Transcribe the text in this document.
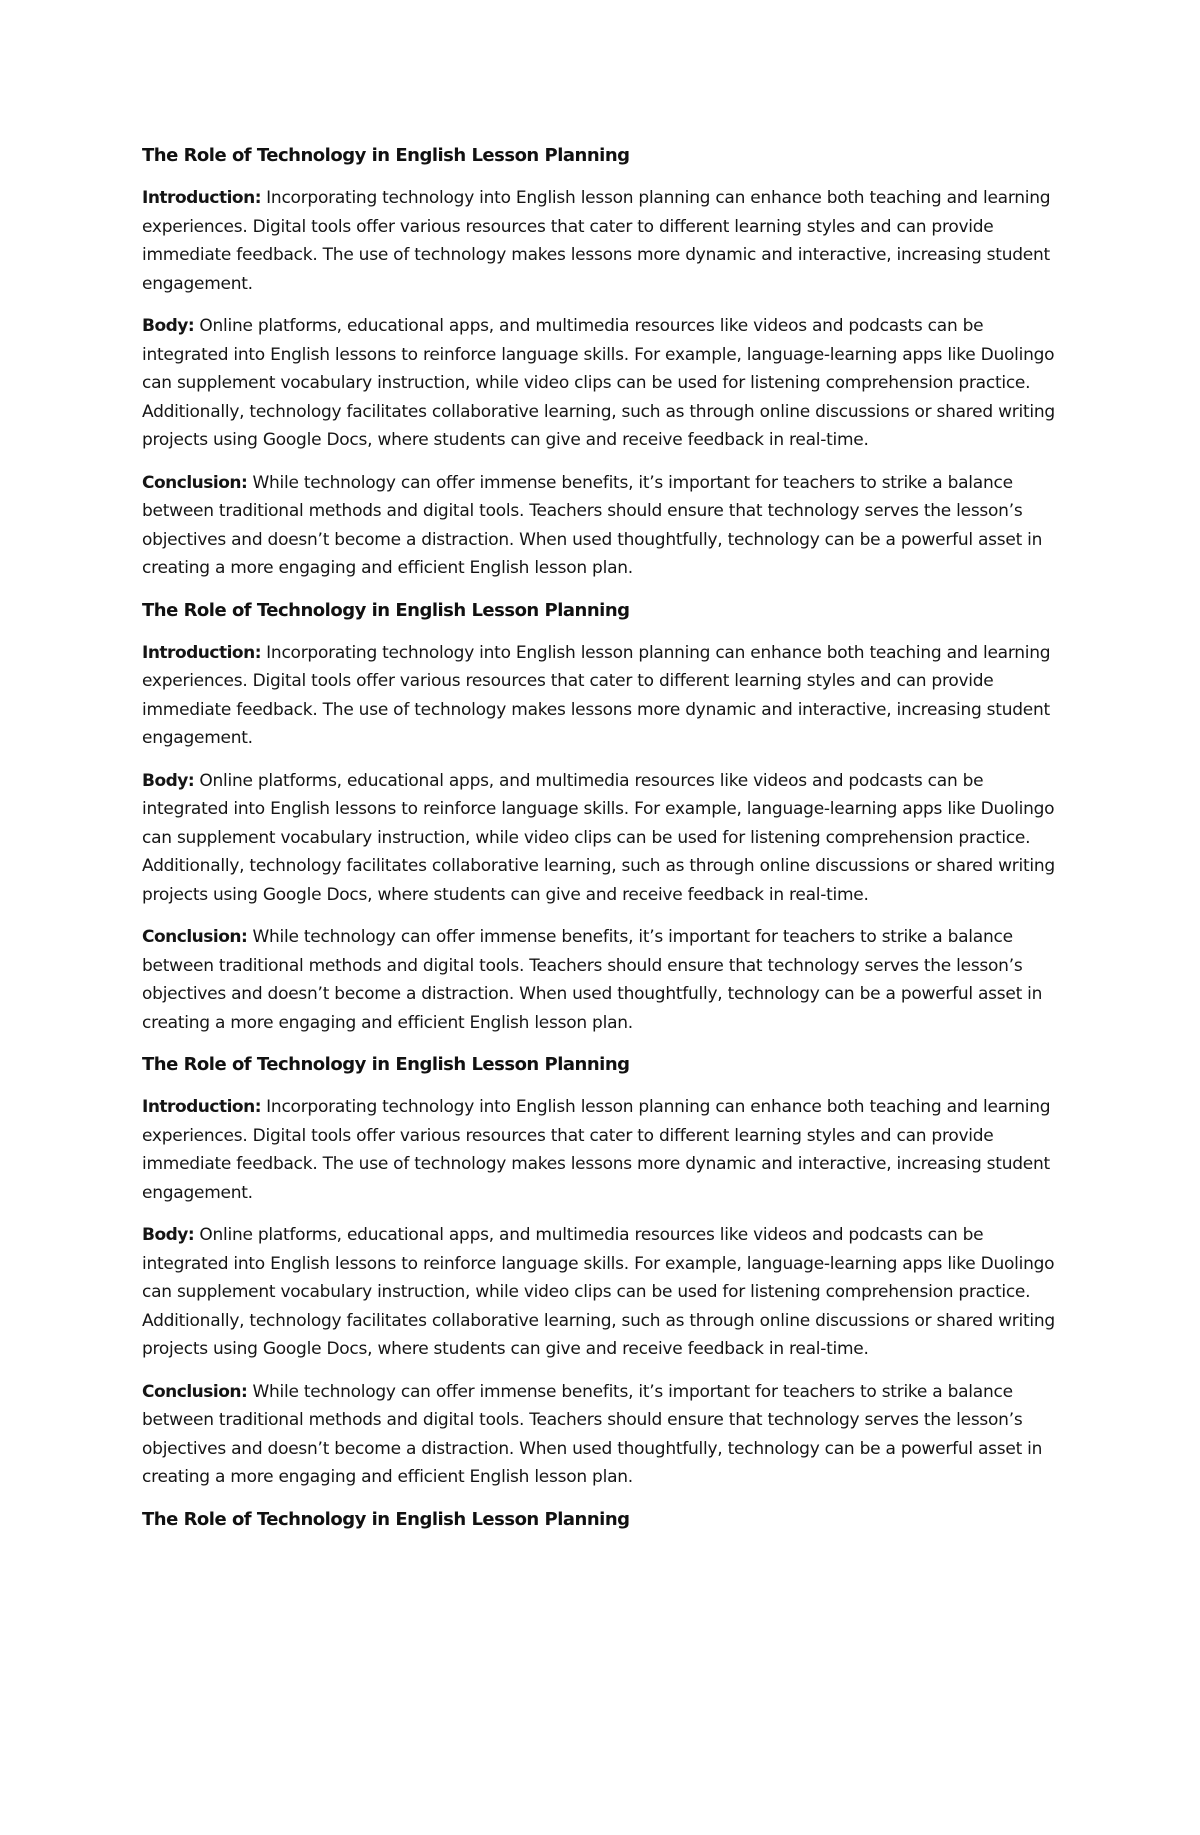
The Role of Technology in English Lesson Planning

Introduction: Incorporating technology into English lesson planning can enhance both teaching and learning experiences. Digital tools offer various resources that cater to different learning styles and can provide immediate feedback. The use of technology makes lessons more dynamic and interactive, increasing student engagement.

Body: Online platforms, educational apps, and multimedia resources like videos and podcasts can be integrated into English lessons to reinforce language skills. For example, language-learning apps like Duolingo can supplement vocabulary instruction, while video clips can be used for listening comprehension practice. Additionally, technology facilitates collaborative learning, such as through online discussions or shared writing projects using Google Docs, where students can give and receive feedback in real-time.

Conclusion: While technology can offer immense benefits, it’s important for teachers to strike a balance between traditional methods and digital tools. Teachers should ensure that technology serves the lesson’s objectives and doesn’t become a distraction. When used thoughtfully, technology can be a powerful asset in creating a more engaging and efficient English lesson plan.

The Role of Technology in English Lesson Planning

Introduction: Incorporating technology into English lesson planning can enhance both teaching and learning experiences. Digital tools offer various resources that cater to different learning styles and can provide immediate feedback. The use of technology makes lessons more dynamic and interactive, increasing student engagement.

Body: Online platforms, educational apps, and multimedia resources like videos and podcasts can be integrated into English lessons to reinforce language skills. For example, language-learning apps like Duolingo can supplement vocabulary instruction, while video clips can be used for listening comprehension practice. Additionally, technology facilitates collaborative learning, such as through online discussions or shared writing projects using Google Docs, where students can give and receive feedback in real-time.

Conclusion: While technology can offer immense benefits, it’s important for teachers to strike a balance between traditional methods and digital tools. Teachers should ensure that technology serves the lesson’s objectives and doesn’t become a distraction. When used thoughtfully, technology can be a powerful asset in creating a more engaging and efficient English lesson plan.

The Role of Technology in English Lesson Planning

Introduction: Incorporating technology into English lesson planning can enhance both teaching and learning experiences. Digital tools offer various resources that cater to different learning styles and can provide immediate feedback. The use of technology makes lessons more dynamic and interactive, increasing student engagement.

Body: Online platforms, educational apps, and multimedia resources like videos and podcasts can be integrated into English lessons to reinforce language skills. For example, language-learning apps like Duolingo can supplement vocabulary instruction, while video clips can be used for listening comprehension practice. Additionally, technology facilitates collaborative learning, such as through online discussions or shared writing projects using Google Docs, where students can give and receive feedback in real-time.

Conclusion: While technology can offer immense benefits, it’s important for teachers to strike a balance between traditional methods and digital tools. Teachers should ensure that technology serves the lesson’s objectives and doesn’t become a distraction. When used thoughtfully, technology can be a powerful asset in creating a more engaging and efficient English lesson plan.

The Role of Technology in English Lesson Planning
